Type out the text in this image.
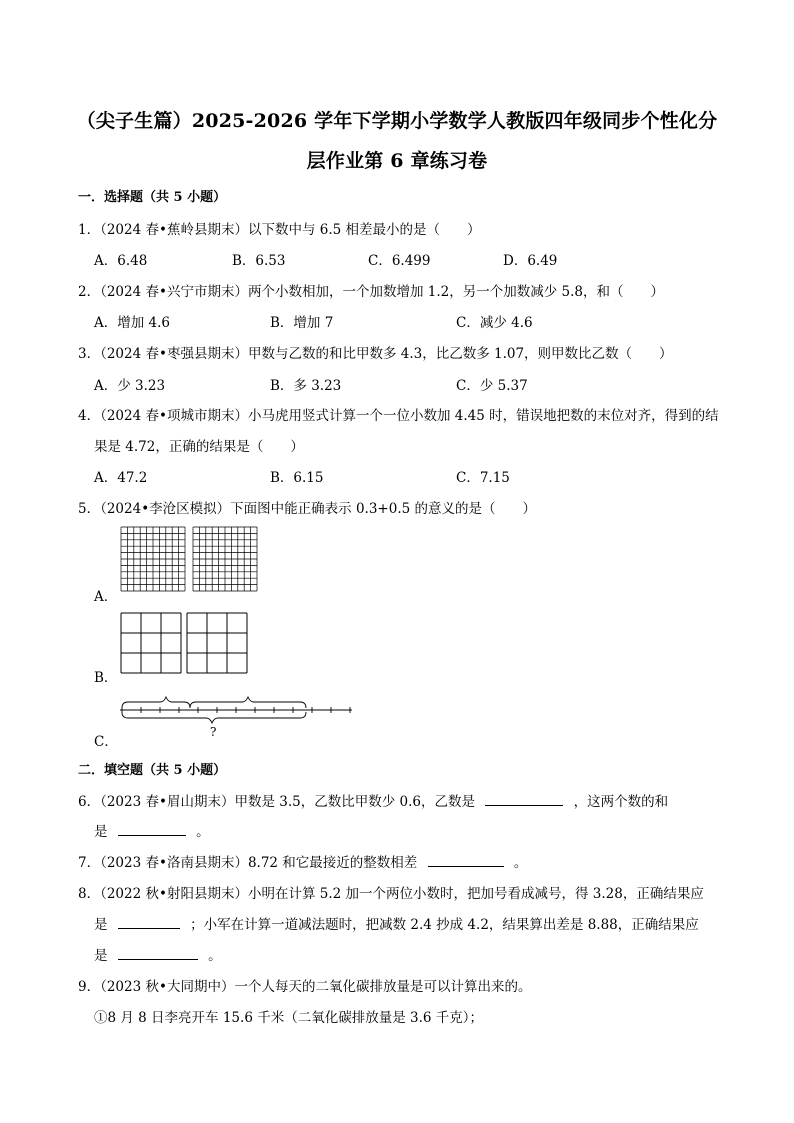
（尖子生篇）2025-2026 学年下学期小学数学人教版四年级同步个性化分
层作业第 6 章练习卷
一．选择题（共 5 小题）
1．（2024 春•蕉岭县期末）以下数中与 6.5 相差最小的是（　　）
A．6.48	B．6.53	C．6.499	D．6.49
2．（2024 春•兴宁市期末）两个小数相加，一个加数增加 1.2，另一个加数减少 5.8，和（　　）
A．增加 4.6	B．增加 7	C．减少 4.6
3．（2024 春•枣强县期末）甲数与乙数的和比甲数多 4.3，比乙数多 1.07，则甲数比乙数（　　）
A．少 3.23	B．多 3.23	C．少 5.37
4．（2024 春•项城市期末）小马虎用竖式计算一个一位小数加 4.45 时，错误地把数的末位对齐，得到的结
果是 4.72，正确的结果是（　　）
A．47.2	B．6.15	C．7.15
5．（2024•李沧区模拟）下面图中能正确表示 0.3+0.5 的意义的是（　　）
A．
B．
?
C．
二．填空题（共 5 小题）
6．（2023 春•眉山期末）甲数是 3.5，乙数比甲数少 0.6，乙数是	，这两个数的和
是	。
7．（2023 春•洛南县期末）8.72 和它最接近的整数相差	。
8．（2022 秋•射阳县期末）小明在计算 5.2 加一个两位小数时，把加号看成减号，得 3.28，正确结果应
是	；小军在计算一道减法题时，把减数 2.4 抄成 4.2，结果算出差是 8.88，正确结果应
是	。
9．（2023 秋•大同期中）一个人每天的二氧化碳排放量是可以计算出来的。
①8 月 8 日李亮开车 15.6 千米（二氧化碳排放量是 3.6 千克）；
